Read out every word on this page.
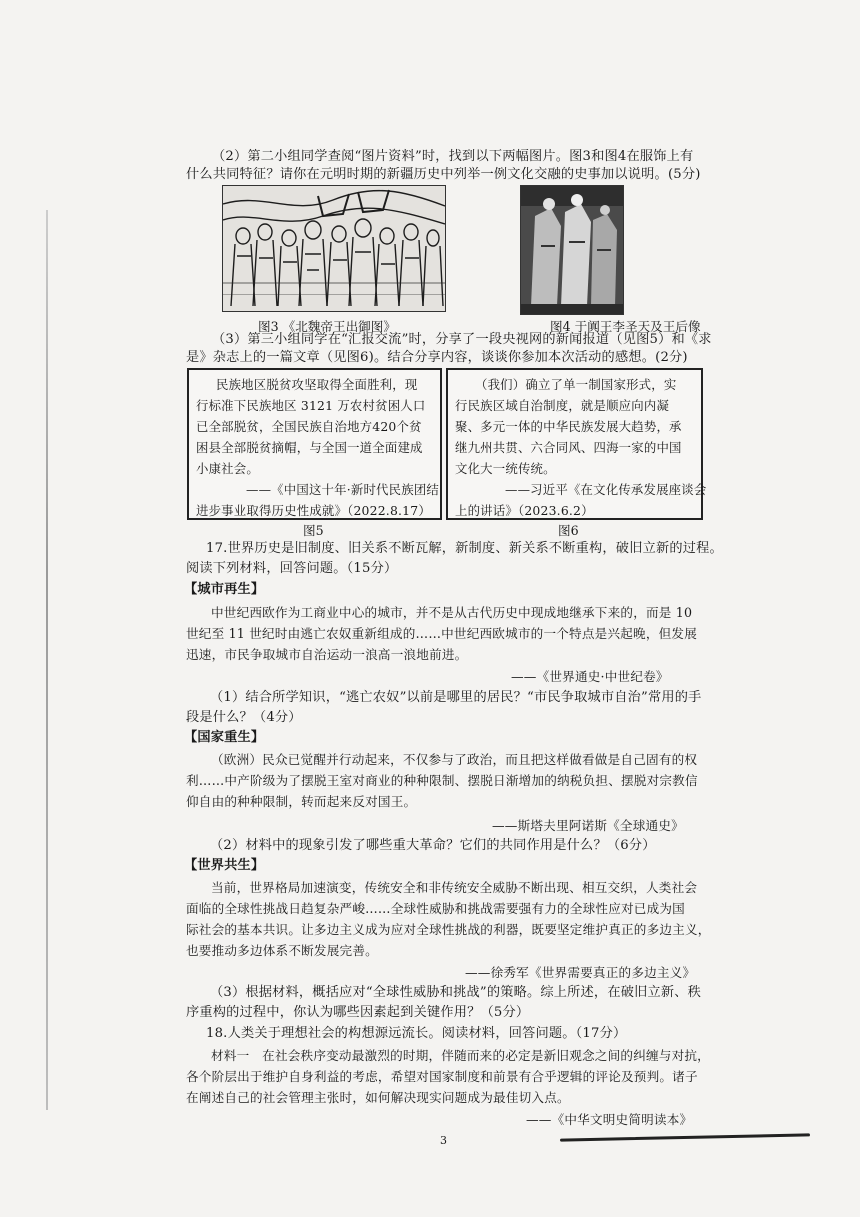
（2）第二小组同学查阅“图片资料”时，找到以下两幅图片。图3和图4在服饰上有
什么共同特征？请你在元明时期的新疆历史中列举一例文化交融的史事加以说明。(5分)
图3 《北魏帝王出御图》	图4 于阗王李圣天及王后像
（3）第三小组同学在“汇报交流”时，分享了一段央视网的新闻报道（见图5）和《求
是》杂志上的一篇文章（见图6)。结合分享内容，谈谈你参加本次活动的感想。(2分)
民族地区脱贫攻坚取得全面胜利，现
行标准下民族地区 3121 万农村贫困人口
已全部脱贫，全国民族自治地方420个贫
困县全部脱贫摘帽，与全国一道全面建成
小康社会。
——《中国这十年·新时代民族团结
进步事业取得历史性成就》（2022.8.17）
（我们）确立了单一制国家形式，实
行民族区域自治制度，就是顺应向内凝
聚、多元一体的中华民族发展大趋势，承
继九州共贯、六合同风、四海一家的中国
文化大一统传统。
——习近平《在文化传承发展座谈会
上的讲话》（2023.6.2）
图5	图6
17.世界历史是旧制度、旧关系不断瓦解，新制度、新关系不断重构，破旧立新的过程。
阅读下列材料，回答问题。（15分）
【城市再生】
中世纪西欧作为工商业中心的城市，并不是从古代历史中现成地继承下来的，而是 10
世纪至 11 世纪时由逃亡农奴重新组成的……中世纪西欧城市的一个特点是兴起晚，但发展
迅速，市民争取城市自治运动一浪高一浪地前进。
——《世界通史·中世纪卷》
（1）结合所学知识，“逃亡农奴”以前是哪里的居民？“市民争取城市自治”常用的手
段是什么？（4分）
【国家重生】
（欧洲）民众已觉醒并行动起来，不仅参与了政治，而且把这样做看做是自己固有的权
利……中产阶级为了摆脱王室对商业的种种限制、摆脱日渐增加的纳税负担、摆脱对宗教信
仰自由的种种限制，转而起来反对国王。
——斯塔夫里阿诺斯《全球通史》
（2）材料中的现象引发了哪些重大革命？它们的共同作用是什么？（6分）
【世界共生】
当前，世界格局加速演变，传统安全和非传统安全威胁不断出现、相互交织，人类社会
面临的全球性挑战日趋复杂严峻……全球性威胁和挑战需要强有力的全球性应对已成为国
际社会的基本共识。让多边主义成为应对全球性挑战的利器，既要坚定维护真正的多边主义，
也要推动多边体系不断发展完善。
——徐秀军《世界需要真正的多边主义》
（3）根据材料，概括应对“全球性威胁和挑战”的策略。综上所述，在破旧立新、秩
序重构的过程中，你认为哪些因素起到关键作用？（5分）
18.人类关于理想社会的构想源远流长。阅读材料，回答问题。（17分）
材料一　在社会秩序变动最激烈的时期，伴随而来的必定是新旧观念之间的纠缠与对抗，
各个阶层出于维护自身利益的考虑，希望对国家制度和前景有合乎逻辑的评论及预判。诸子
在阐述自己的社会管理主张时，如何解决现实问题成为最佳切入点。
——《中华文明史简明读本》
3
